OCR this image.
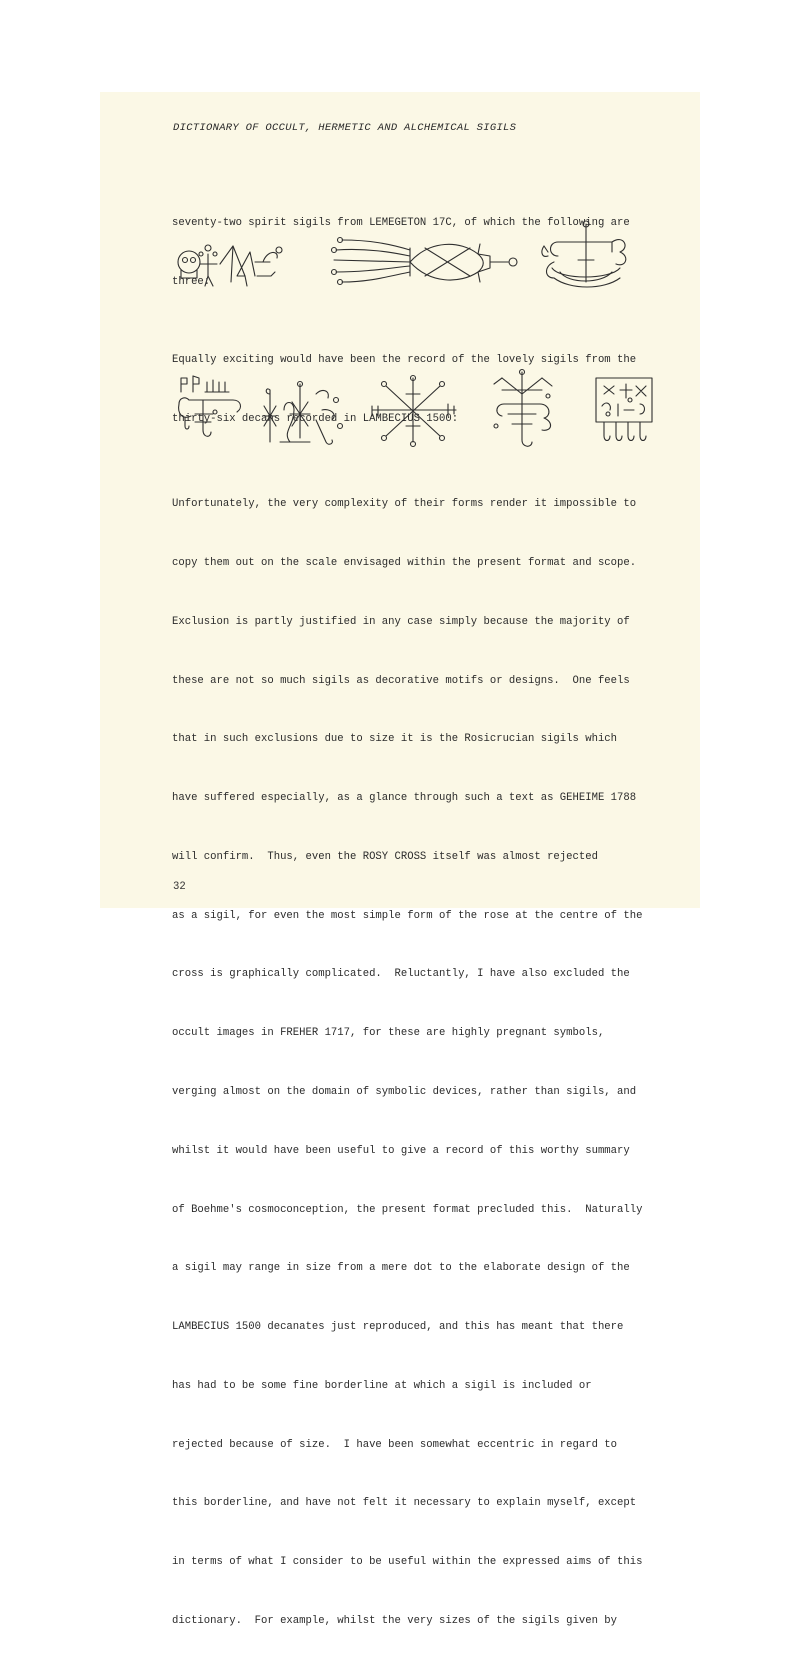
DICTIONARY OF OCCULT, HERMETIC AND ALCHEMICAL SIGILS

seventy-two spirit sigils from LEMEGETON 17C, of which the following are

three:

Equally exciting would have been the record of the lovely sigils from the

thirty-six decans recorded in LAMBECIUS 1500:

Unfortunately, the very complexity of their forms render it impossible to

copy them out on the scale envisaged within the present format and scope.

Exclusion is partly justified in any case simply because the majority of

these are not so much sigils as decorative motifs or designs.  One feels

that in such exclusions due to size it is the Rosicrucian sigils which

have suffered especially, as a glance through such a text as GEHEIME 1788

will confirm.  Thus, even the ROSY CROSS itself was almost rejected

as a sigil, for even the most simple form of the rose at the centre of the

cross is graphically complicated.  Reluctantly, I have also excluded the

occult images in FREHER 1717, for these are highly pregnant symbols,

verging almost on the domain of symbolic devices, rather than sigils, and

whilst it would have been useful to give a record of this worthy summary

of Boehme's cosmoconception, the present format precluded this.  Naturally

a sigil may range in size from a mere dot to the elaborate design of the

LAMBECIUS 1500 decanates just reproduced, and this has meant that there

has had to be some fine borderline at which a sigil is included or

rejected because of size.  I have been somewhat eccentric in regard to

this borderline, and have not felt it necessary to explain myself, except

in terms of what I consider to be useful within the expressed aims of this

dictionary.  For example, whilst the very sizes of the sigils given by

32
